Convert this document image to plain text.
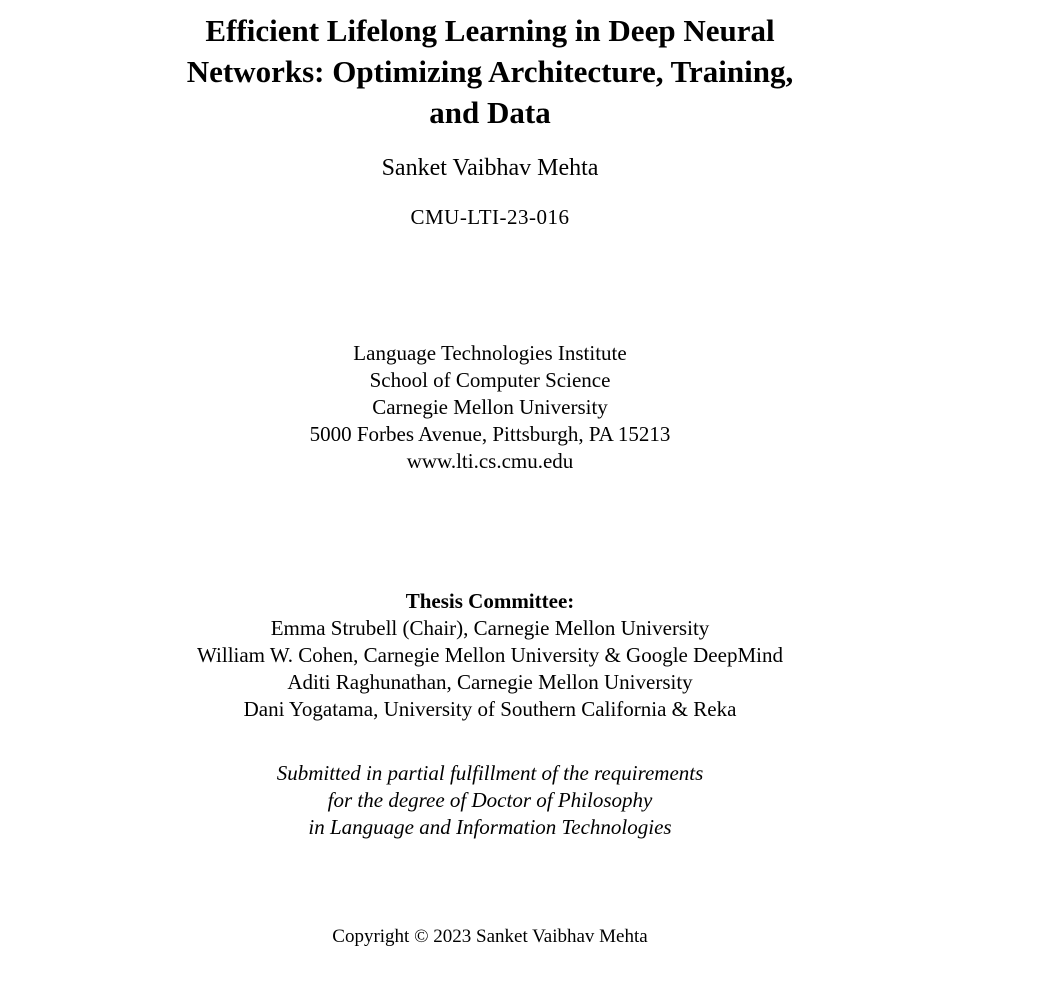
Efficient Lifelong Learning in Deep Neural
Networks: Optimizing Architecture, Training,
and Data
Sanket Vaibhav Mehta
CMU-LTI-23-016
Language Technologies Institute
School of Computer Science
Carnegie Mellon University
5000 Forbes Avenue, Pittsburgh, PA 15213
www.lti.cs.cmu.edu
Thesis Committee:
Emma Strubell (Chair), Carnegie Mellon University
William W. Cohen, Carnegie Mellon University & Google DeepMind
Aditi Raghunathan, Carnegie Mellon University
Dani Yogatama, University of Southern California & Reka
Submitted in partial fulfillment of the requirements
for the degree of Doctor of Philosophy
in Language and Information Technologies
Copyright © 2023 Sanket Vaibhav Mehta
